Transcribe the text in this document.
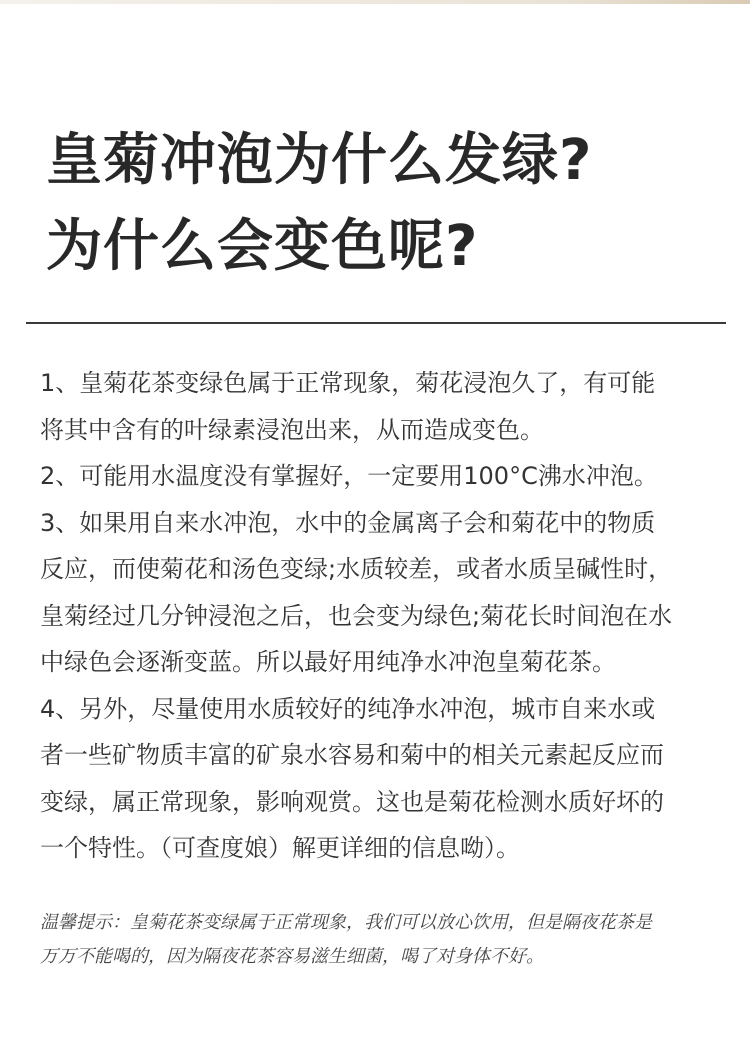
皇菊冲泡为什么发绿?
为什么会变色呢?
1、皇菊花茶变绿色属于正常现象，菊花浸泡久了，有可能
将其中含有的叶绿素浸泡出来，从而造成变色。
2、可能用水温度没有掌握好，一定要用100°C沸水冲泡。
3、如果用自来水冲泡，水中的金属离子会和菊花中的物质
反应，而使菊花和汤色变绿;水质较差，或者水质呈碱性时，
皇菊经过几分钟浸泡之后，也会变为绿色;菊花长时间泡在水
中绿色会逐渐变蓝。所以最好用纯净水冲泡皇菊花茶。
4、另外，尽量使用水质较好的纯净水冲泡，城市自来水或
者一些矿物质丰富的矿泉水容易和菊中的相关元素起反应而
变绿，属正常现象，影响观赏。这也是菊花检测水质好坏的
一个特性。（可查度娘）解更详细的信息呦）。
温馨提示：皇菊花茶变绿属于正常现象，我们可以放心饮用，但是隔夜花茶是
万万不能喝的，因为隔夜花茶容易滋生细菌，喝了对身体不好。
